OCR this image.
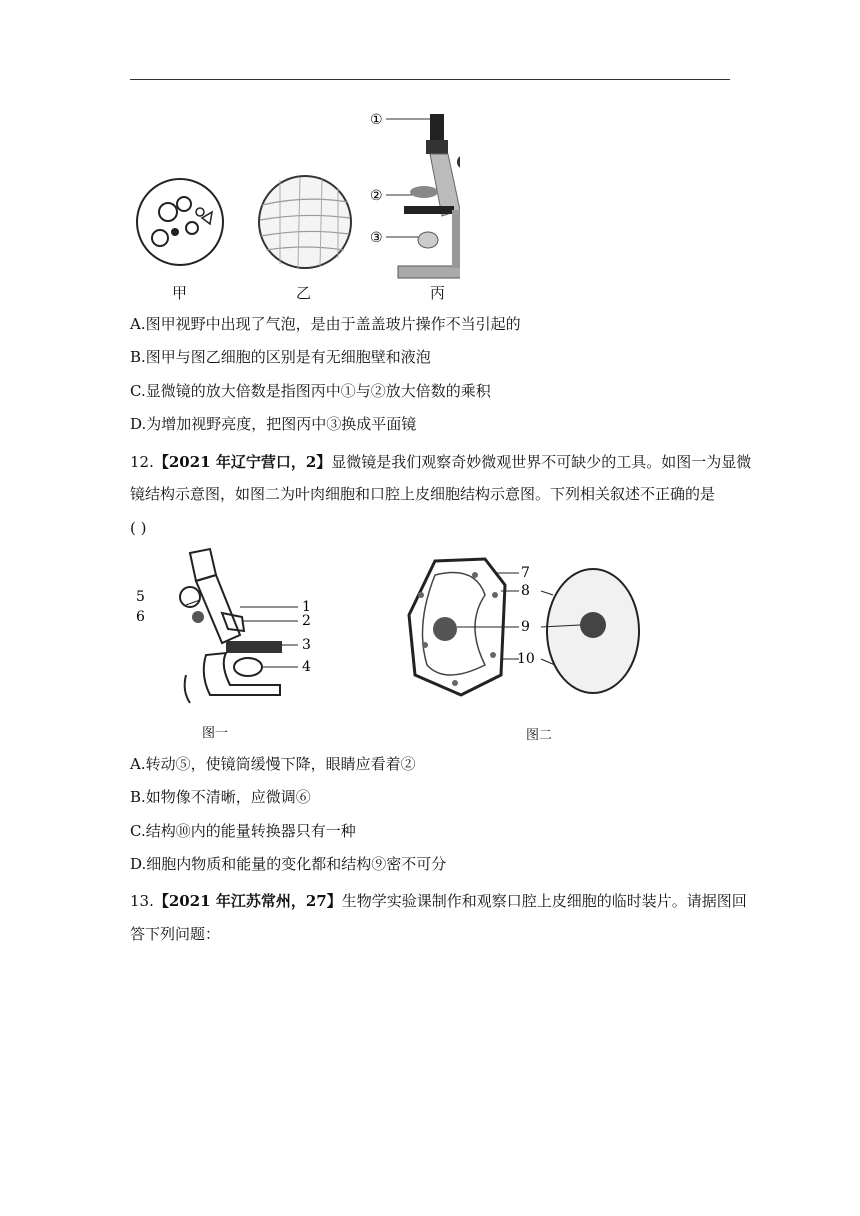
①
②
③
甲	乙	丙
A.图甲视野中出现了气泡，是由于盖盖玻片操作不当引起的
B.图甲与图乙细胞的区别是有无细胞壁和液泡
C.显微镜的放大倍数是指图丙中①与②放大倍数的乘积
D.为增加视野亮度，把图丙中③换成平面镜
12.【2021 年辽宁营口，2】显微镜是我们观察奇妙微观世界不可缺少的工具。如图一为显微
镜结构示意图，如图二为叶肉细胞和口腔上皮细胞结构示意图。下列相关叙述不正确的是
( )
5
6
1
2
3
4
图一
7
8
9
10
图二
A.转动⑤，使镜筒缓慢下降，眼睛应看着②
B.如物像不清晰，应微调⑥
C.结构⑩内的能量转换器只有一种
D.细胞内物质和能量的变化都和结构⑨密不可分
13.【2021 年江苏常州，27】生物学实验课制作和观察口腔上皮细胞的临时装片。请据图回
答下列问题：
